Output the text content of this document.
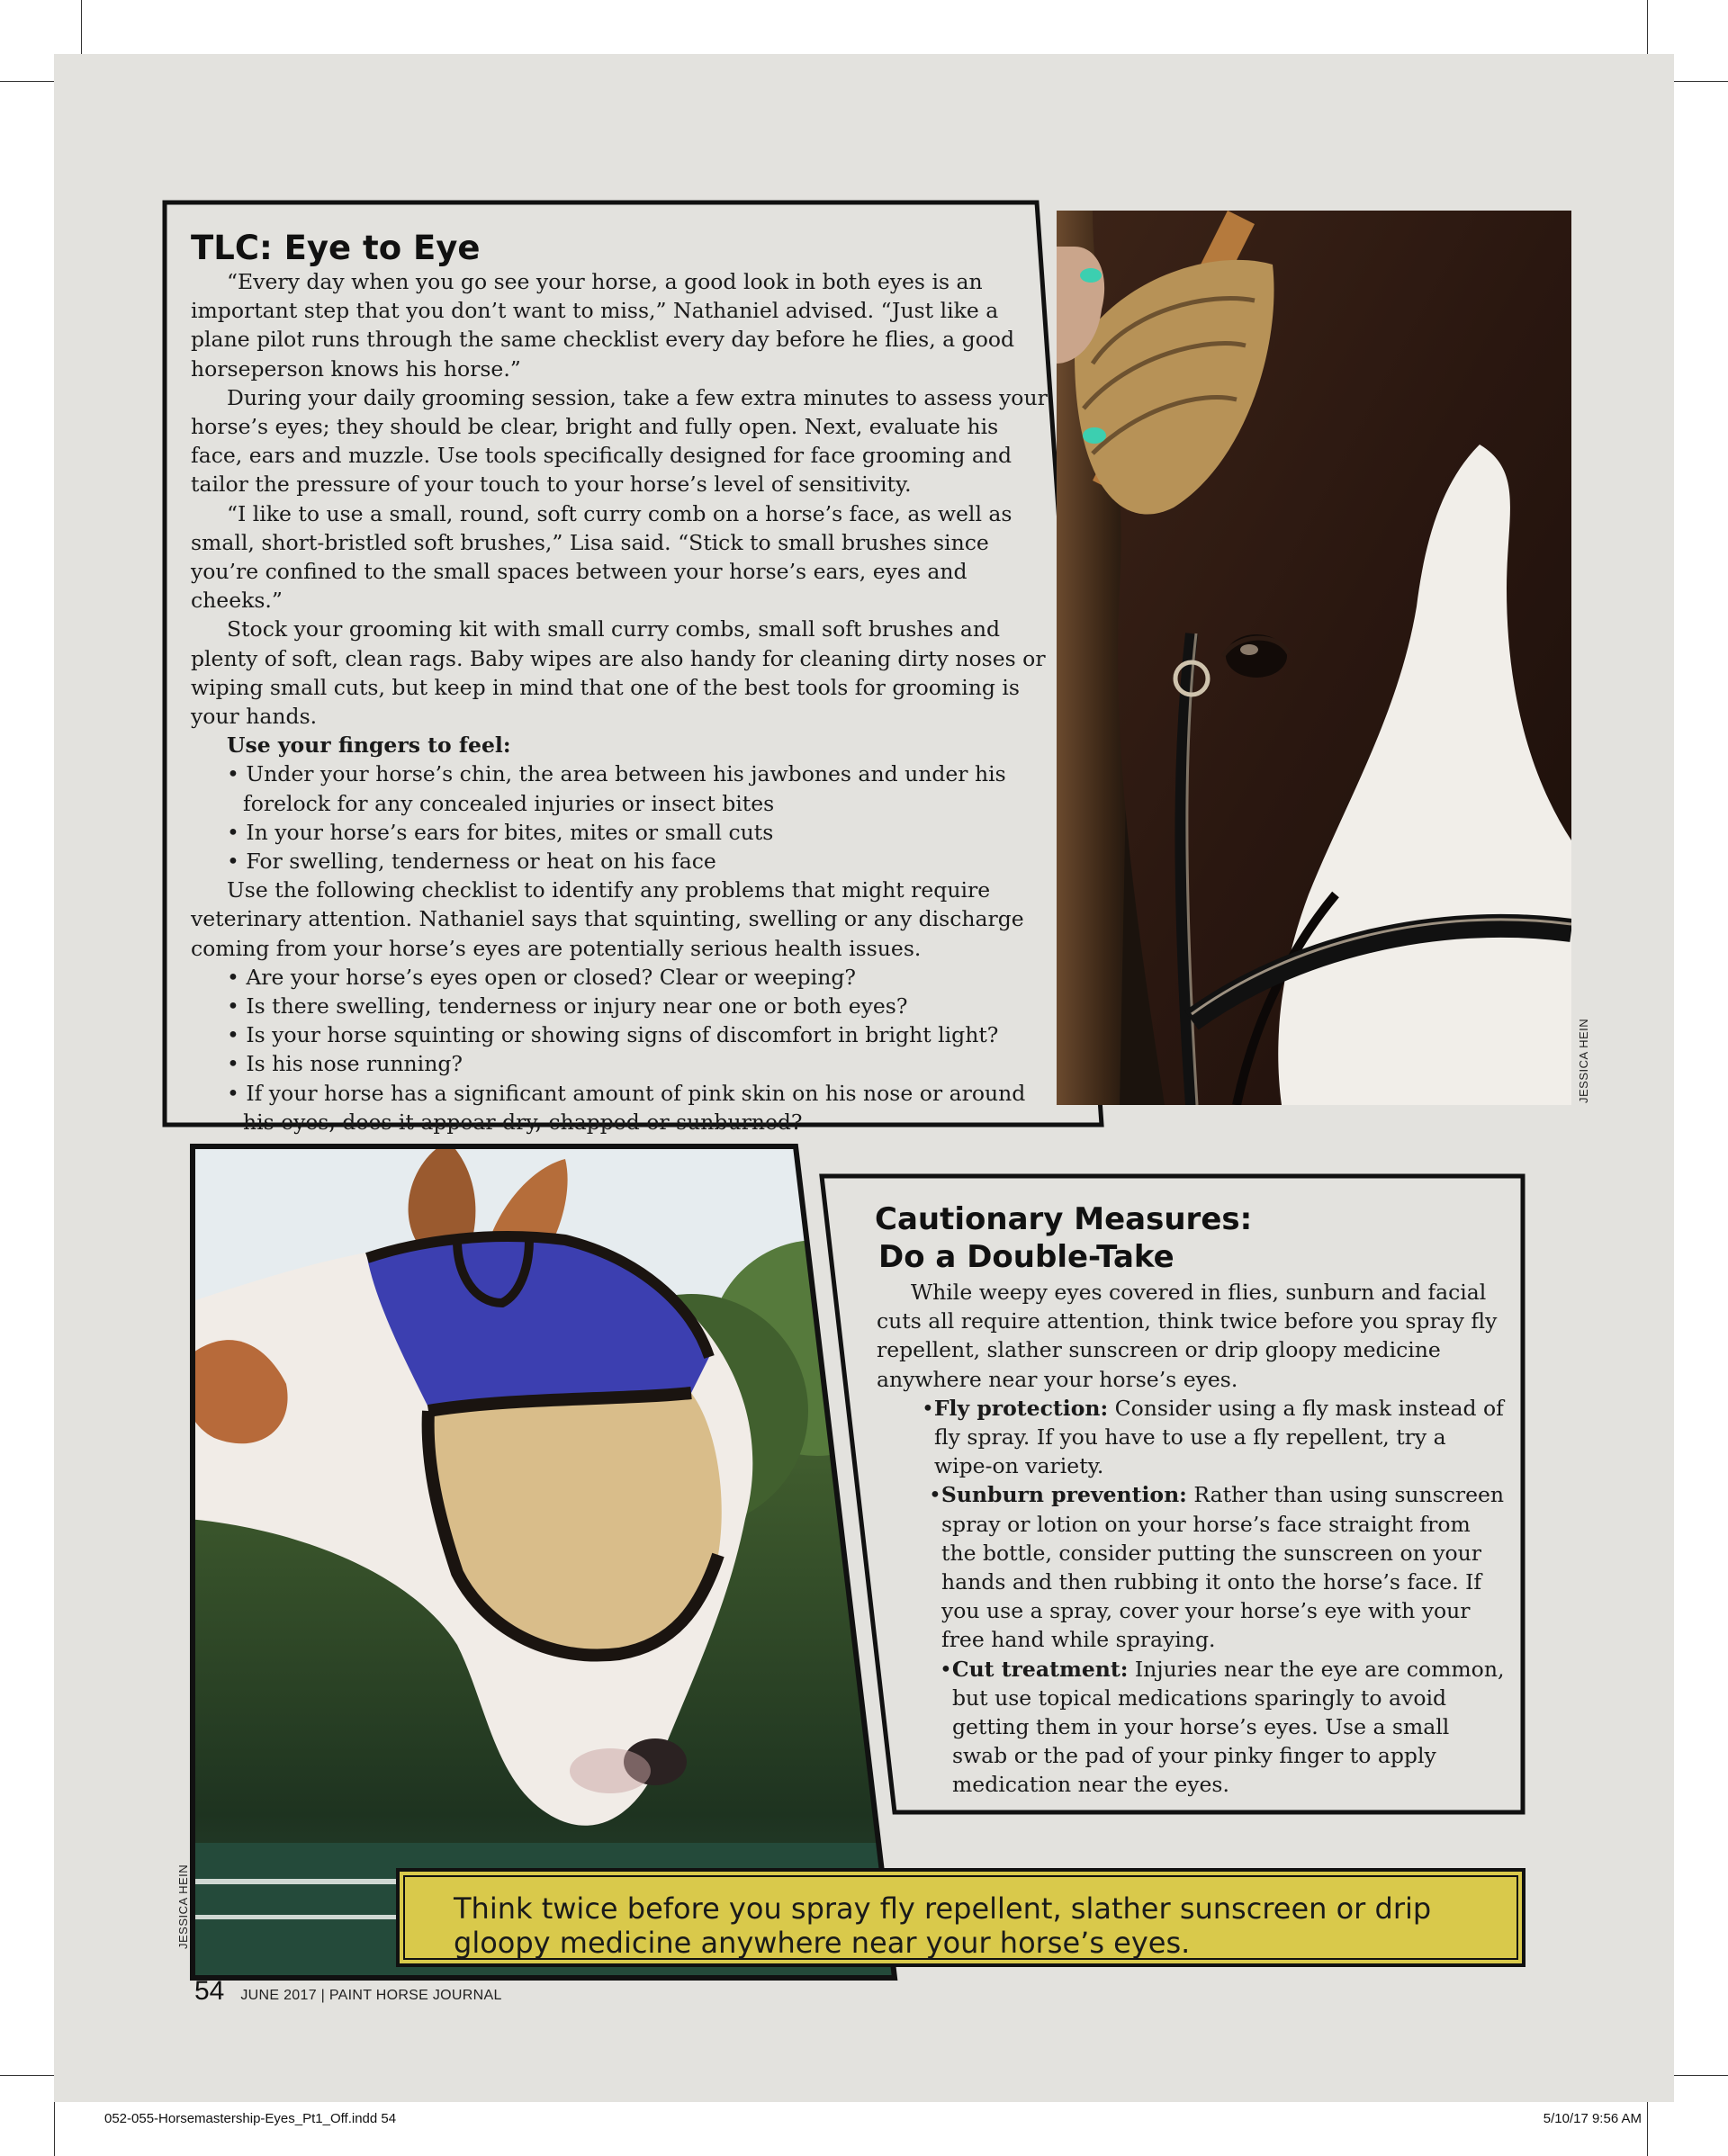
TLC: Eye to Eye

“Every day when you go see your horse, a good look in both eyes is an important step that you don’t want to miss,” Nathaniel advised. “Just like a plane pilot runs through the same checklist every day before he flies, a good horseperson knows his horse.”

During your daily grooming session, take a few extra minutes to assess your horse’s eyes; they should be clear, bright and fully open. Next, evaluate his face, ears and muzzle. Use tools specifically designed for face grooming and tailor the pressure of your touch to your horse’s level of sensitivity.

“I like to use a small, round, soft curry comb on a horse’s face, as well as small, short-bristled soft brushes,” Lisa said. “Stick to small brushes since you’re confined to the small spaces between your horse’s ears, eyes and cheeks.”

Stock your grooming kit with small curry combs, small soft brushes and plenty of soft, clean rags. Baby wipes are also handy for cleaning dirty noses or wiping small cuts, but keep in mind that one of the best tools for grooming is your hands.

Use your fingers to feel:

• Under your horse’s chin, the area between his jawbones and under his forelock for any concealed injuries or insect bites

• In your horse’s ears for bites, mites or small cuts

• For swelling, tenderness or heat on his face

Use the following checklist to identify any problems that might require veterinary attention. Nathaniel says that squinting, swelling or any discharge coming from your horse’s eyes are potentially serious health issues.

• Are your horse’s eyes open or closed? Clear or weeping?

• Is there swelling, tenderness or injury near one or both eyes?

• Is your horse squinting or showing signs of discomfort in bright light?

• Is his nose running?

• If your horse has a significant amount of pink skin on his nose or around his eyes, does it appear dry, chapped or sunburned?

JESSICA HEIN
JESSICA HEIN
Cautionary Measures:
Do a Double-Take

While weepy eyes covered in flies, sunburn and facial cuts all require attention, think twice before you spray fly repellent, slather sunscreen or drip gloopy medicine anywhere near your horse’s eyes.

•Fly protection: Consider using a fly mask instead of fly spray. If you have to use a fly repellent, try a wipe-on variety.

•Sunburn prevention: Rather than using sunscreen spray or lotion on your horse’s face straight from the bottle, consider putting the sunscreen on your hands and then rubbing it onto the horse’s face. If you use a spray, cover your horse’s eye with your free hand while spraying.

•Cut treatment: Injuries near the eye are common, but use topical medications sparingly to avoid getting them in your horse’s eyes. Use a small swab or the pad of your pinky finger to apply medication near the eyes.

Think twice before you spray fly repellent, slather sunscreen or drip gloopy medicine anywhere near your horse’s eyes.
54 JUNE 2017 | PAINT HORSE JOURNAL
052-055-Horsemastership-Eyes_Pt1_Off.indd 54	5/10/17 9:56 AM
